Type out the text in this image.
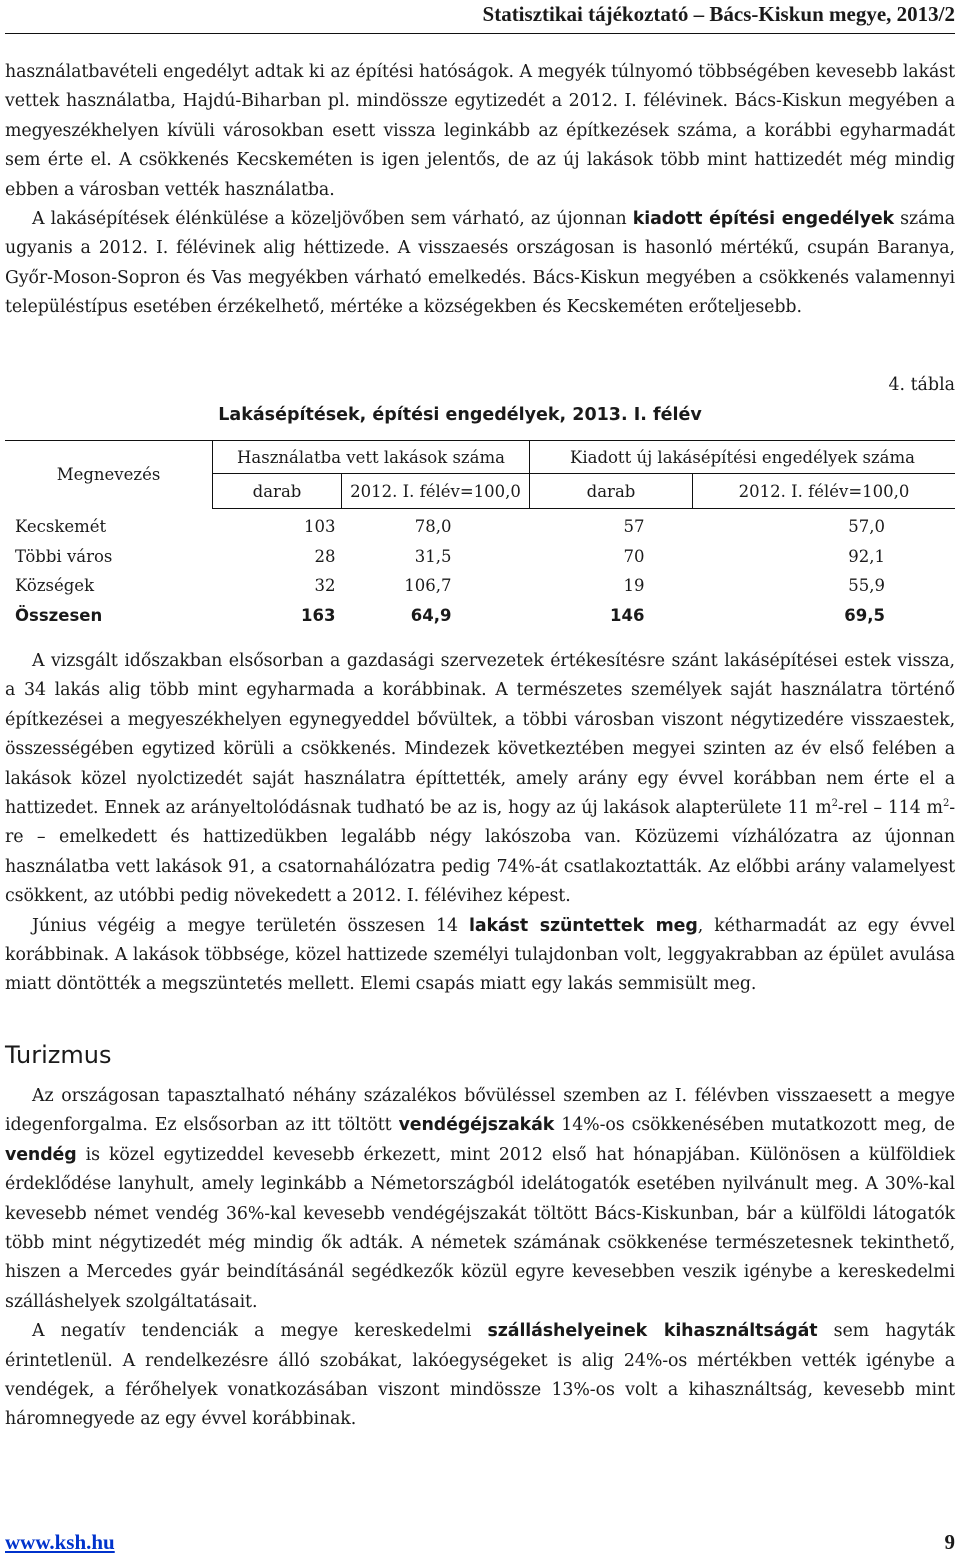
Statisztikai tájékoztató – Bács-Kiskun megye, 2013/2

használatbavételi engedélyt adtak ki az építési hatóságok. A megyék túlnyomó többségében kevesebb lakást vettek használatba, Hajdú-Biharban pl. mindössze egytizedét a 2012. I. félévinek. Bács-Kiskun megyében a megyeszékhelyen kívüli városokban esett vissza leginkább az építkezések száma, a korábbi egyharmadát sem érte el. A csökkenés Kecskeméten is igen jelentős, de az új lakások több mint hattizedét még mindig ebben a városban vették használatba.

A lakásépítések élénkülése a közeljövőben sem várható, az újonnan kiadott építési engedélyek száma ugyanis a 2012. I. félévinek alig héttizede. A visszaesés országosan is hasonló mértékű, csupán Baranya, Győr-Moson-Sopron és Vas megyékben várható emelkedés. Bács-Kiskun megyében a csökkenés valamennyi településtípus esetében érzékelhető, mértéke a községekben és Kecskeméten erőteljesebb.

4. tábla
Lakásépítések, építési engedélyek, 2013. I. félév
Megnevezés	Használatba vett lakások száma		Kiadott új lakásépítési engedélyek száma	
	darab	2012. I. félév=100,0	darab	2012. I. félév=100,0
Kecskemét	103	78,0	57	57,0
Többi város	28	31,5	70	92,1
Községek	32	106,7	19	55,9
Összesen	163	64,9	146	69,5

A vizsgált időszakban elsősorban a gazdasági szervezetek értékesítésre szánt lakásépítései estek vissza, a 34 lakás alig több mint egyharmada a korábbinak. A természetes személyek saját használatra történő építkezései a megyeszékhelyen egynegyeddel bővültek, a többi városban viszont négytizedére visszaestek, összességében egytized körüli a csökkenés. Mindezek következtében megyei szinten az év első felében a lakások közel nyolctizedét saját használatra építtették, amely arány egy évvel korábban nem érte el a hattizedet. Ennek az arányeltolódásnak tudható be az is, hogy az új lakások alapterülete 11 $m^2$-rel – 114 $m^2-re$ – emelkedett és hattizedükben legalább négy lakószoba van. Közüzemi vízhálózatra az újonnan használatba vett lakások 91, a csatornahálózatra pedig 74%-át csatlakoztatták. Az előbbi arány valamelyest csökkent, az utóbbi pedig növekedett a 2012. I. félévihez képest.

Június végéig a megye területén összesen 14 lakást szüntettek meg, kétharmadát az egy évvel korábbinak. A lakások többsége, közel hattizede személyi tulajdonban volt, leggyakrabban az épület avulása miatt döntötték a megszüntetés mellett. Elemi csapás miatt egy lakás semmisült meg.

Turizmus

Az országosan tapasztalható néhány százalékos bővüléssel szemben az I. félévben visszaesett a megye idegenforgalma. Ez elsősorban az itt töltött vendégéjszakák 14%-os csökkenésében mutatkozott meg, de vendég is közel egytizeddel kevesebb érkezett, mint 2012 első hat hónapjában. Különösen a külföldiek érdeklődése lanyhult, amely leginkább a Németországból idelátogatók esetében nyilvánult meg. A 30%-kal kevesebb német vendég 36%-kal kevesebb vendégéjszakát töltött Bács-Kiskunban, bár a külföldi látogatók több mint négytizedét még mindig ők adták. A németek számának csökkenése természetesnek tekinthető, hiszen a Mercedes gyár beindításánál segédkezők közül egyre kevesebben veszik igénybe a kereskedelmi szálláshelyek szolgáltatásait.

A negatív tendenciák a megye kereskedelmi szálláshelyeinek kihasználtságát sem hagyták érintetlenül. A rendelkezésre álló szobákat, lakóegységeket is alig 24%-os mértékben vették igénybe a vendégek, a férőhelyek vonatkozásában viszont mindössze 13%-os volt a kihasználtság, kevesebb mint háromnegyede az egy évvel korábbinak.

www.ksh.hu	9
